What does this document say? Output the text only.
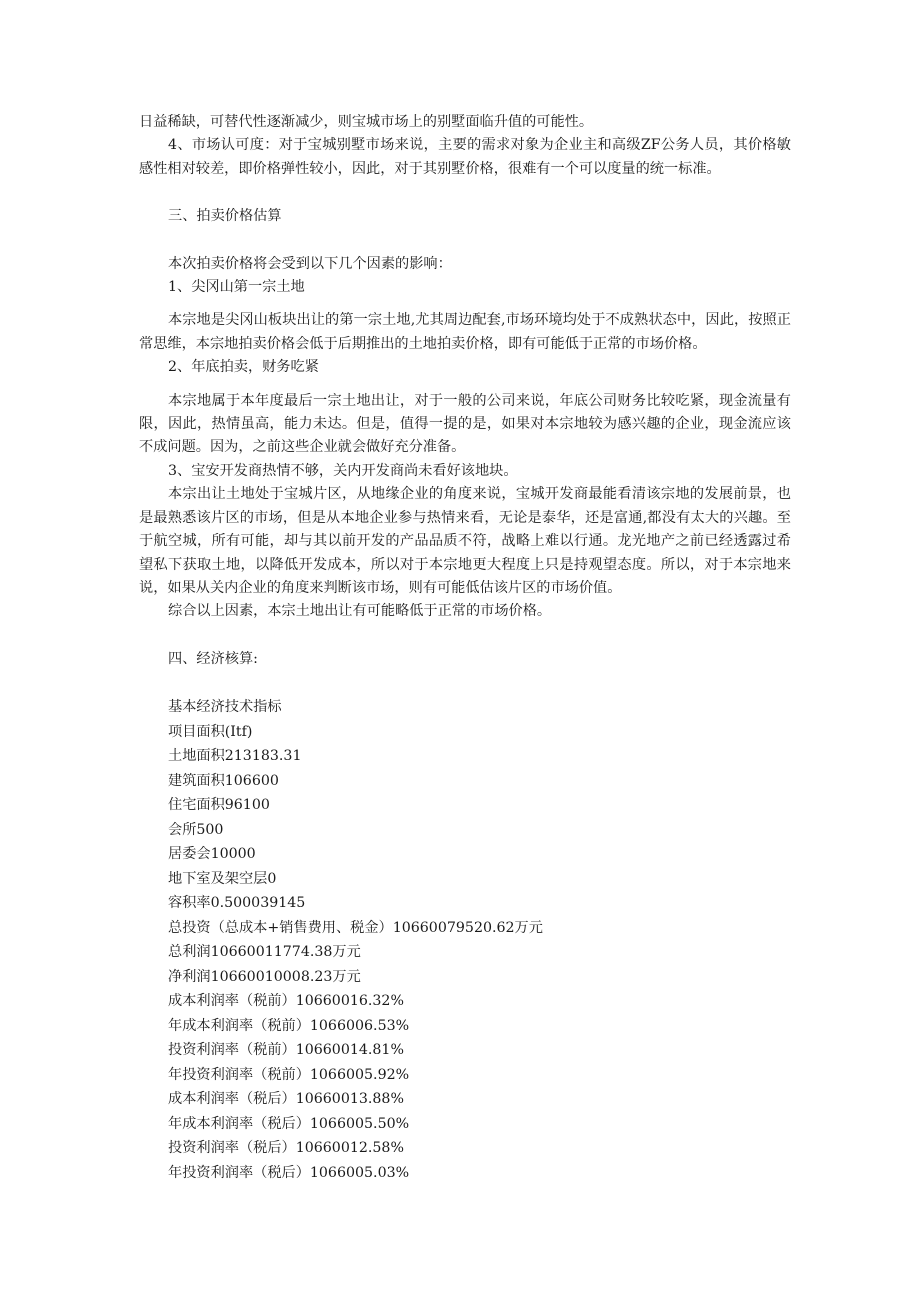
日益稀缺，可替代性逐渐减少，则宝城市场上的别墅面临升值的可能性。

4、市场认可度：对于宝城别墅市场来说，主要的需求对象为企业主和高级ZF公务人员，其价格敏感性相对较差，即价格弹性较小，因此，对于其别墅价格，很难有一个可以度量的统一标准。

三、拍卖价格估算

本次拍卖价格将会受到以下几个因素的影响：

1、尖冈山第一宗土地

本宗地是尖冈山板块出让的第一宗土地,尤其周边配套,市场环境均处于不成熟状态中，因此，按照正常思维，本宗地拍卖价格会低于后期推出的土地拍卖价格，即有可能低于正常的市场价格。

2、年底拍卖，财务吃紧

本宗地属于本年度最后一宗土地出让，对于一般的公司来说，年底公司财务比较吃紧，现金流量有限，因此，热情虽高，能力未达。但是，值得一提的是，如果对本宗地较为感兴趣的企业，现金流应该不成问题。因为，之前这些企业就会做好充分准备。

3、宝安开发商热情不够，关内开发商尚未看好该地块。

本宗出让土地处于宝城片区，从地缘企业的角度来说，宝城开发商最能看清该宗地的发展前景，也是最熟悉该片区的市场，但是从本地企业参与热情来看，无论是泰华，还是富通,都没有太大的兴趣。至于航空城，所有可能，却与其以前开发的产品品质不符，战略上难以行通。龙光地产之前已经透露过希望私下获取土地，以降低开发成本，所以对于本宗地更大程度上只是持观望态度。所以，对于本宗地来说，如果从关内企业的角度来判断该市场，则有可能低估该片区的市场价值。

综合以上因素，本宗土地出让有可能略低于正常的市场价格。

四、经济核算:

基本经济技术指标

项目面积(Itf)
土地面积213183.31
建筑面积106600
住宅面积96100
会所500
居委会10000
地下室及架空层0
容积率0.500039145
总投资（总成本+销售费用、税金）10660079520.62万元
总利润10660011774.38万元
净利润10660010008.23万元
成本利润率（税前）10660016.32%
年成本利润率（税前）1066006.53%
投资利润率（税前）10660014.81%
年投资利润率（税前）1066005.92%
成本利润率（税后）10660013.88%
年成本利润率（税后）1066005.50%
投资利润率（税后）10660012.58%
年投资利润率（税后）1066005.03%
